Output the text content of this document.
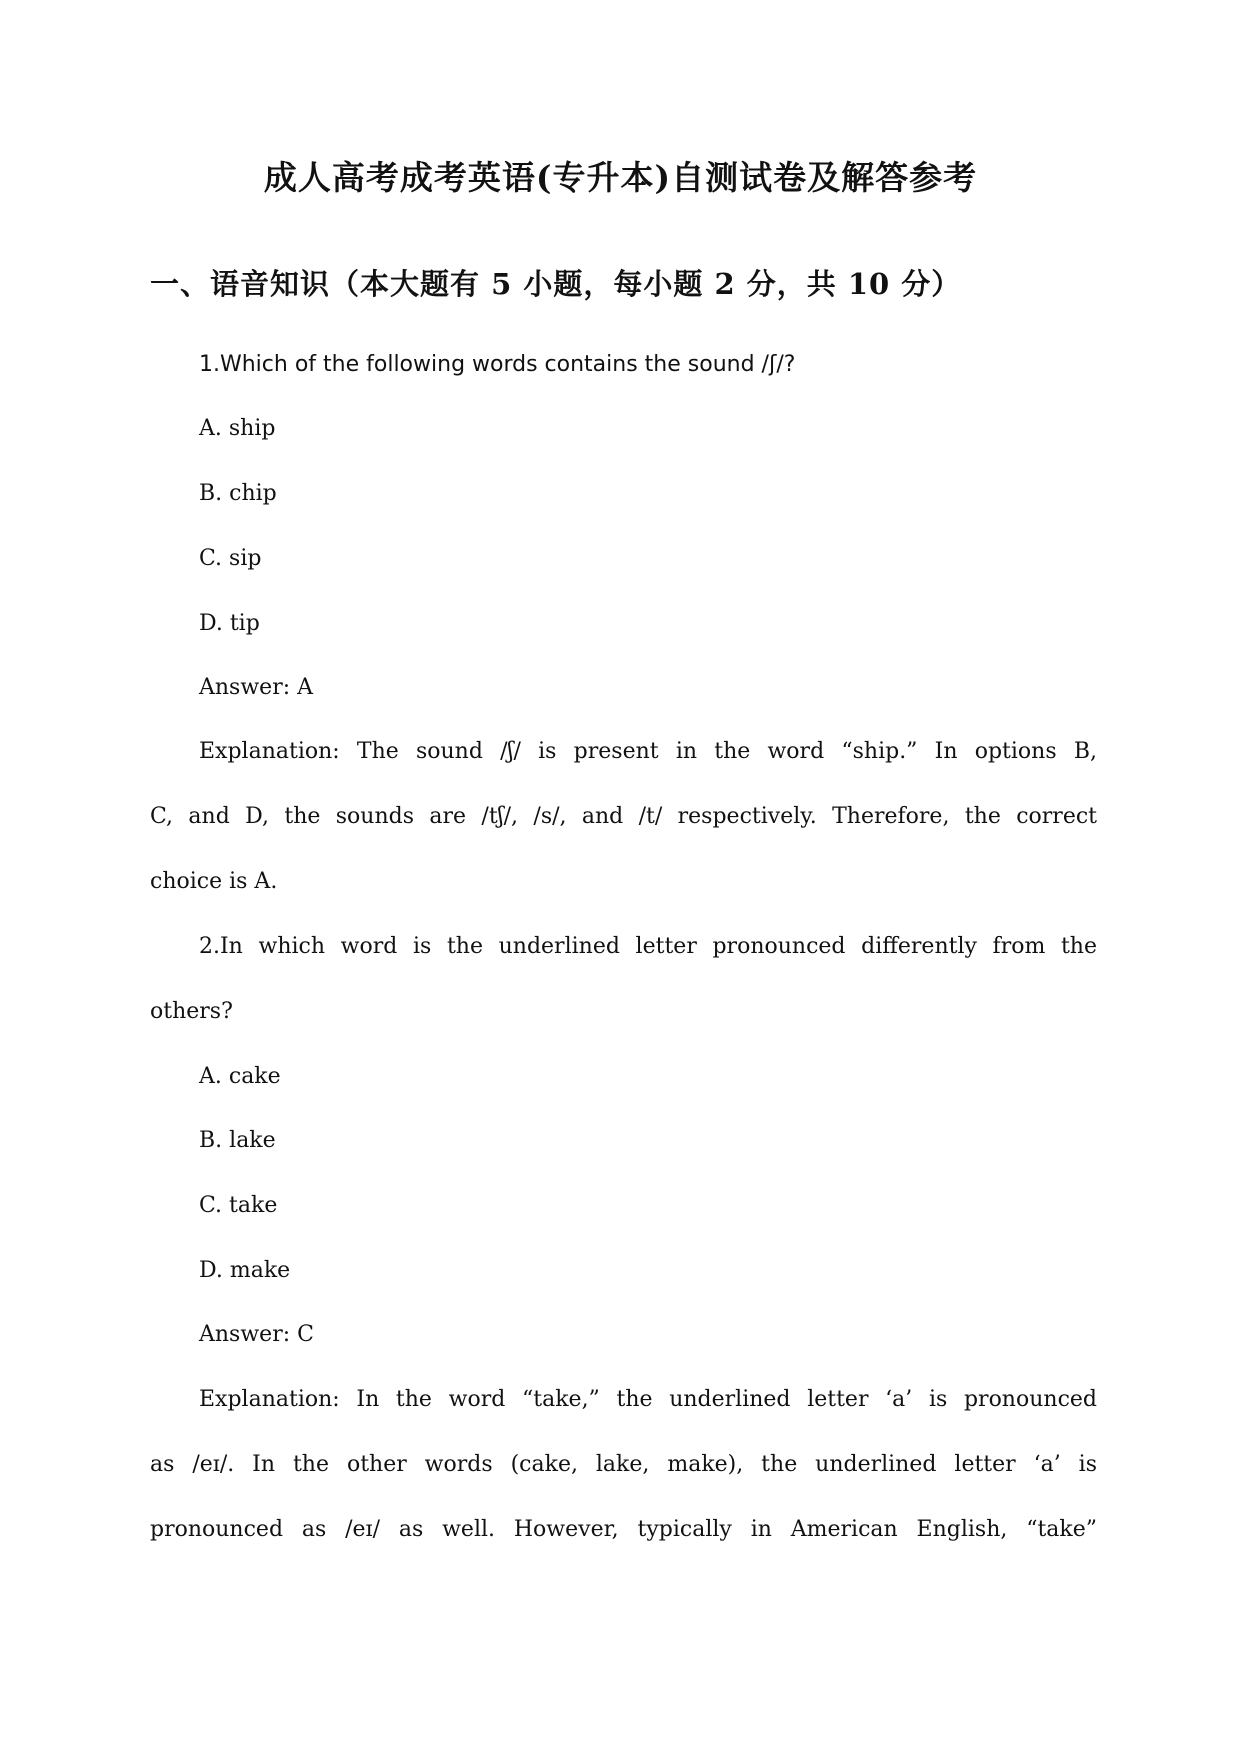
成人高考成考英语(专升本)自测试卷及解答参考
一、语音知识（本大题有 5 小题，每小题 2 分，共 10 分）
1.Which of the following words contains the sound /ʃ/?
A. ship
B. chip
C. sip
D. tip
Answer: A
Explanation: The sound /ʃ/ is present in the word “ship.” In options B,
C, and D, the sounds are /tʃ/, /s/, and /t/ respectively. Therefore, the correct
choice is A.
2.In which word is the underlined letter pronounced differently from the
others?
A. cake
B. lake
C. take
D. make
Answer: C
Explanation: In the word “take,” the underlined letter ‘a’ is pronounced
as /eɪ/. In the other words (cake, lake, make), the underlined letter ‘a’ is
pronounced as /eɪ/ as well. However, typically in American English, “take”
